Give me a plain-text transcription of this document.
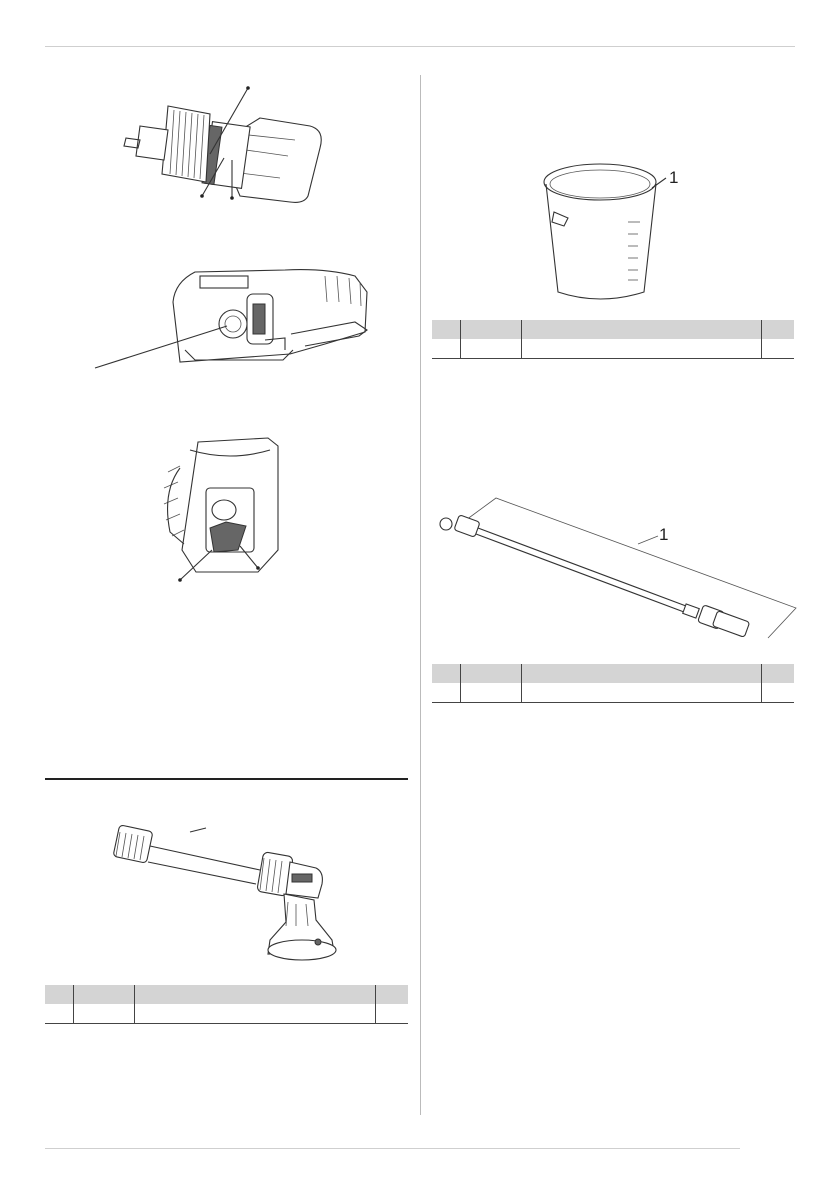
1

1
